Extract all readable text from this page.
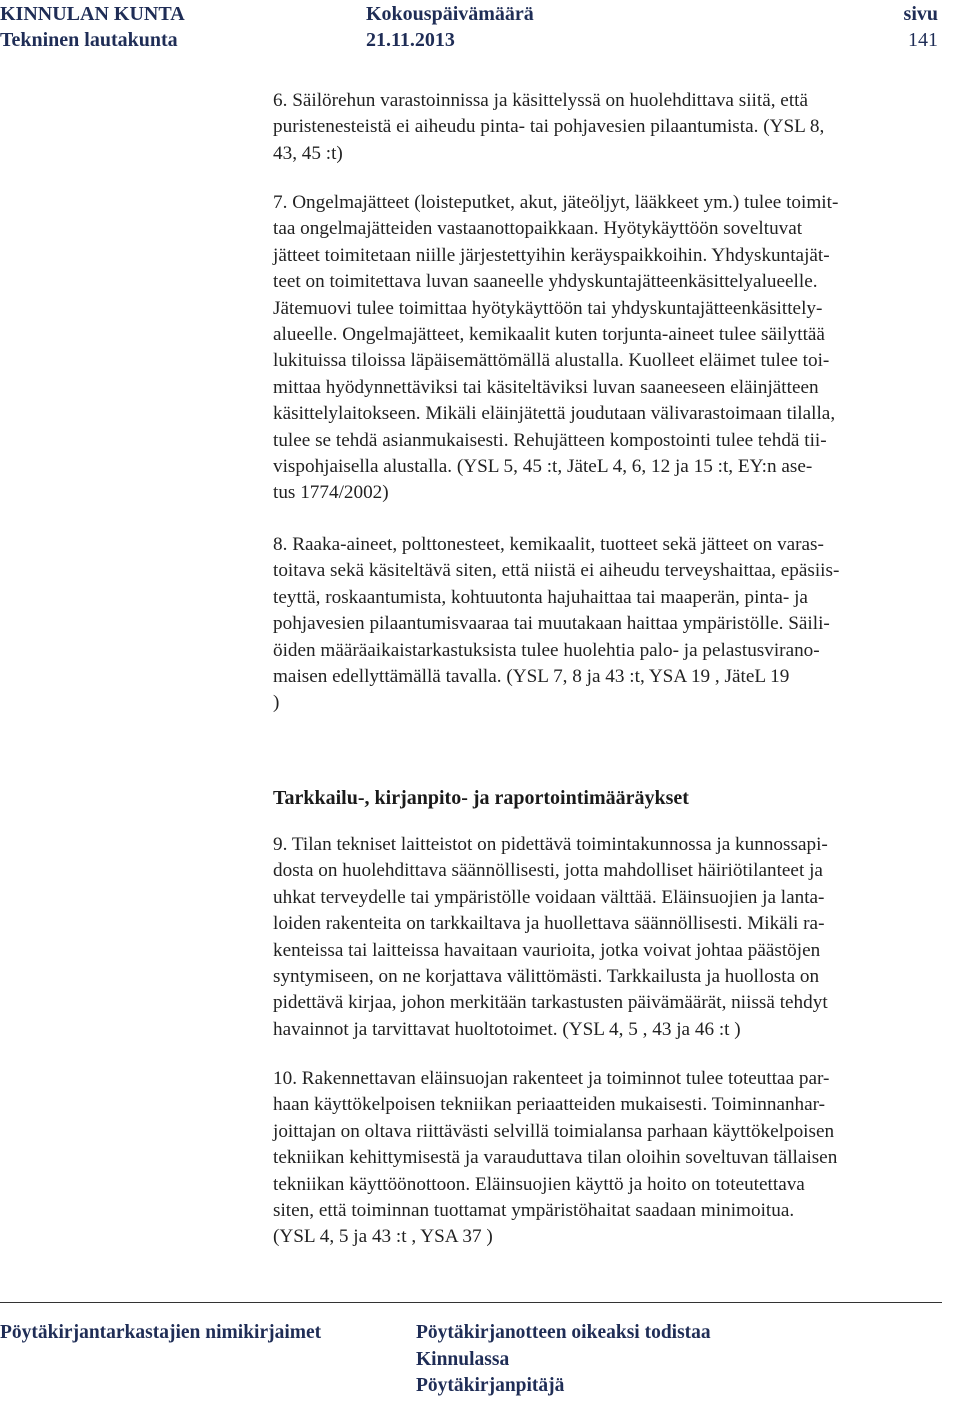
KINNULAN KUNTA
Tekninen lautakunta
Kokouspäivämäärä
21.11.2013
sivu
141
6. Säilörehun varastoinnissa ja käsittelyssä on huolehdittava siitä, että
puristenesteistä ei aiheudu pinta- tai pohjavesien pilaantumista. (YSL 8,
43, 45 :t)
7. Ongelmajätteet (loisteputket, akut, jäteöljyt, lääkkeet ym.) tulee toimit-
taa ongelmajätteiden vastaanottopaikkaan. Hyötykäyttöön soveltuvat
jätteet toimitetaan niille järjestettyihin keräyspaikkoihin. Yhdyskuntajät-
teet on toimitettava luvan saaneelle yhdyskuntajätteenkäsittelyalueelle.
Jätemuovi tulee toimittaa hyötykäyttöön tai yhdyskuntajätteenkäsittely-
alueelle. Ongelmajätteet, kemikaalit kuten torjunta-aineet tulee säilyttää
lukituissa tiloissa läpäisemättömällä alustalla. Kuolleet eläimet tulee toi-
mittaa hyödynnettäviksi tai käsiteltäviksi luvan saaneeseen eläinjätteen
käsittelylaitokseen. Mikäli eläinjätettä joudutaan välivarastoimaan tilalla,
tulee se tehdä asianmukaisesti. Rehujätteen kompostointi tulee tehdä tii-
vispohjaisella alustalla. (YSL 5, 45 :t, JäteL 4, 6, 12 ja 15 :t, EY:n ase-
tus 1774/2002)
8. Raaka-aineet, polttonesteet, kemikaalit, tuotteet sekä jätteet on varas-
toitava sekä käsiteltävä siten, että niistä ei aiheudu terveyshaittaa, epäsiis-
teyttä, roskaantumista, kohtuutonta hajuhaittaa tai maaperän, pinta- ja
pohjavesien pilaantumisvaaraa tai muutakaan haittaa ympäristölle. Säili-
öiden määräaikaistarkastuksista tulee huolehtia palo- ja pelastusvirano-
maisen edellyttämällä tavalla. (YSL 7, 8 ja 43 :t, YSA 19 , JäteL 19
)
Tarkkailu-, kirjanpito- ja raportointimääräykset
9. Tilan tekniset laitteistot on pidettävä toimintakunnossa ja kunnossapi-
dosta on huolehdittava säännöllisesti, jotta mahdolliset häiriötilanteet ja
uhkat terveydelle tai ympäristölle voidaan välttää. Eläinsuojien ja lanta-
loiden rakenteita on tarkkailtava ja huollettava säännöllisesti. Mikäli ra-
kenteissa tai laitteissa havaitaan vaurioita, jotka voivat johtaa päästöjen
syntymiseen, on ne korjattava välittömästi. Tarkkailusta ja huollosta on
pidettävä kirjaa, johon merkitään tarkastusten päivämäärät, niissä tehdyt
havainnot ja tarvittavat huoltotoimet. (YSL 4, 5 , 43 ja 46 :t )
10. Rakennettavan eläinsuojan rakenteet ja toiminnot tulee toteuttaa par-
haan käyttökelpoisen tekniikan periaatteiden mukaisesti. Toiminnanhar-
joittajan on oltava riittävästi selvillä toimialansa parhaan käyttökelpoisen
tekniikan kehittymisestä ja varauduttava tilan oloihin soveltuvan tällaisen
tekniikan käyttöönottoon. Eläinsuojien käyttö ja hoito on toteutettava
siten, että toiminnan tuottamat ympäristöhaitat saadaan minimoitua.
(YSL 4, 5 ja 43 :t , YSA 37 )
Pöytäkirjantarkastajien nimikirjaimet	Pöytäkirjanotteen oikeaksi todistaa
Kinnulassa
Pöytäkirjanpitäjä
